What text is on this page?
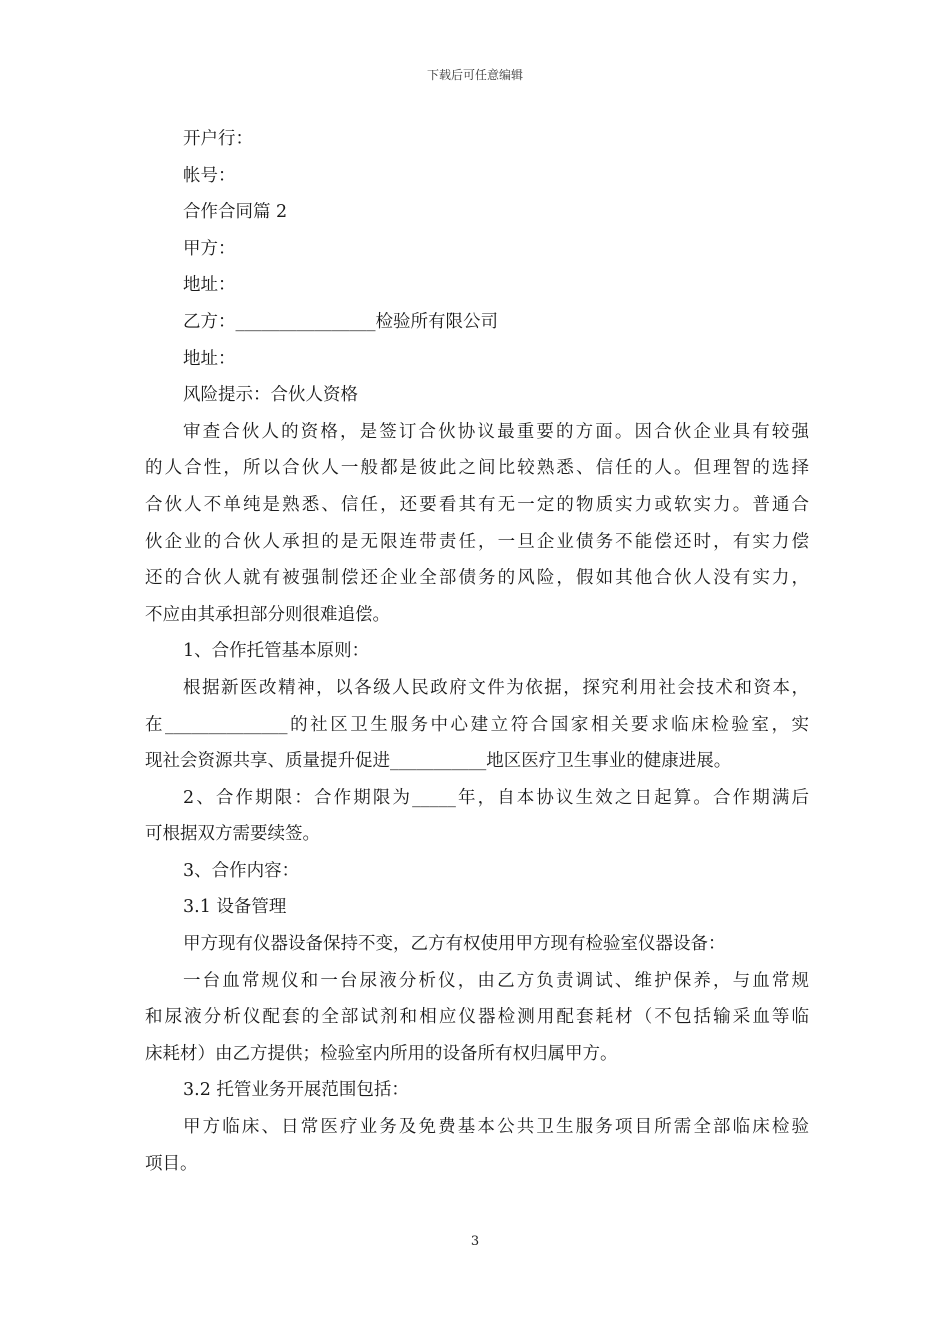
下载后可任意编辑
开户行：
帐号：
合作合同篇 2
甲方：
地址：
乙方：________________检验所有限公司
地址：
风险提示：合伙人资格
审查合伙人的资格，是签订合伙协议最重要的方面。因合伙企业具有较强
的人合性，所以合伙人一般都是彼此之间比较熟悉、信任的人。但理智的选择
合伙人不单纯是熟悉、信任，还要看其有无一定的物质实力或软实力。普通合
伙企业的合伙人承担的是无限连带责任，一旦企业债务不能偿还时，有实力偿
还的合伙人就有被强制偿还企业全部债务的风险，假如其他合伙人没有实力，
不应由其承担部分则很难追偿。
1、合作托管基本原则：
根据新医改精神，以各级人民政府文件为依据，探究利用社会技术和资本，
在______________的社区卫生服务中心建立符合国家相关要求临床检验室，实
现社会资源共享、质量提升促进___________地区医疗卫生事业的健康进展。
2、合作期限：合作期限为_____年，自本协议生效之日起算。合作期满后
可根据双方需要续签。
3、合作内容：
3.1 设备管理
甲方现有仪器设备保持不变，乙方有权使用甲方现有检验室仪器设备：
一台血常规仪和一台尿液分析仪，由乙方负责调试、维护保养，与血常规
和尿液分析仪配套的全部试剂和相应仪器检测用配套耗材（不包括输采血等临
床耗材）由乙方提供；检验室内所用的设备所有权归属甲方。
3.2 托管业务开展范围包括：
甲方临床、日常医疗业务及免费基本公共卫生服务项目所需全部临床检验
项目。
3
